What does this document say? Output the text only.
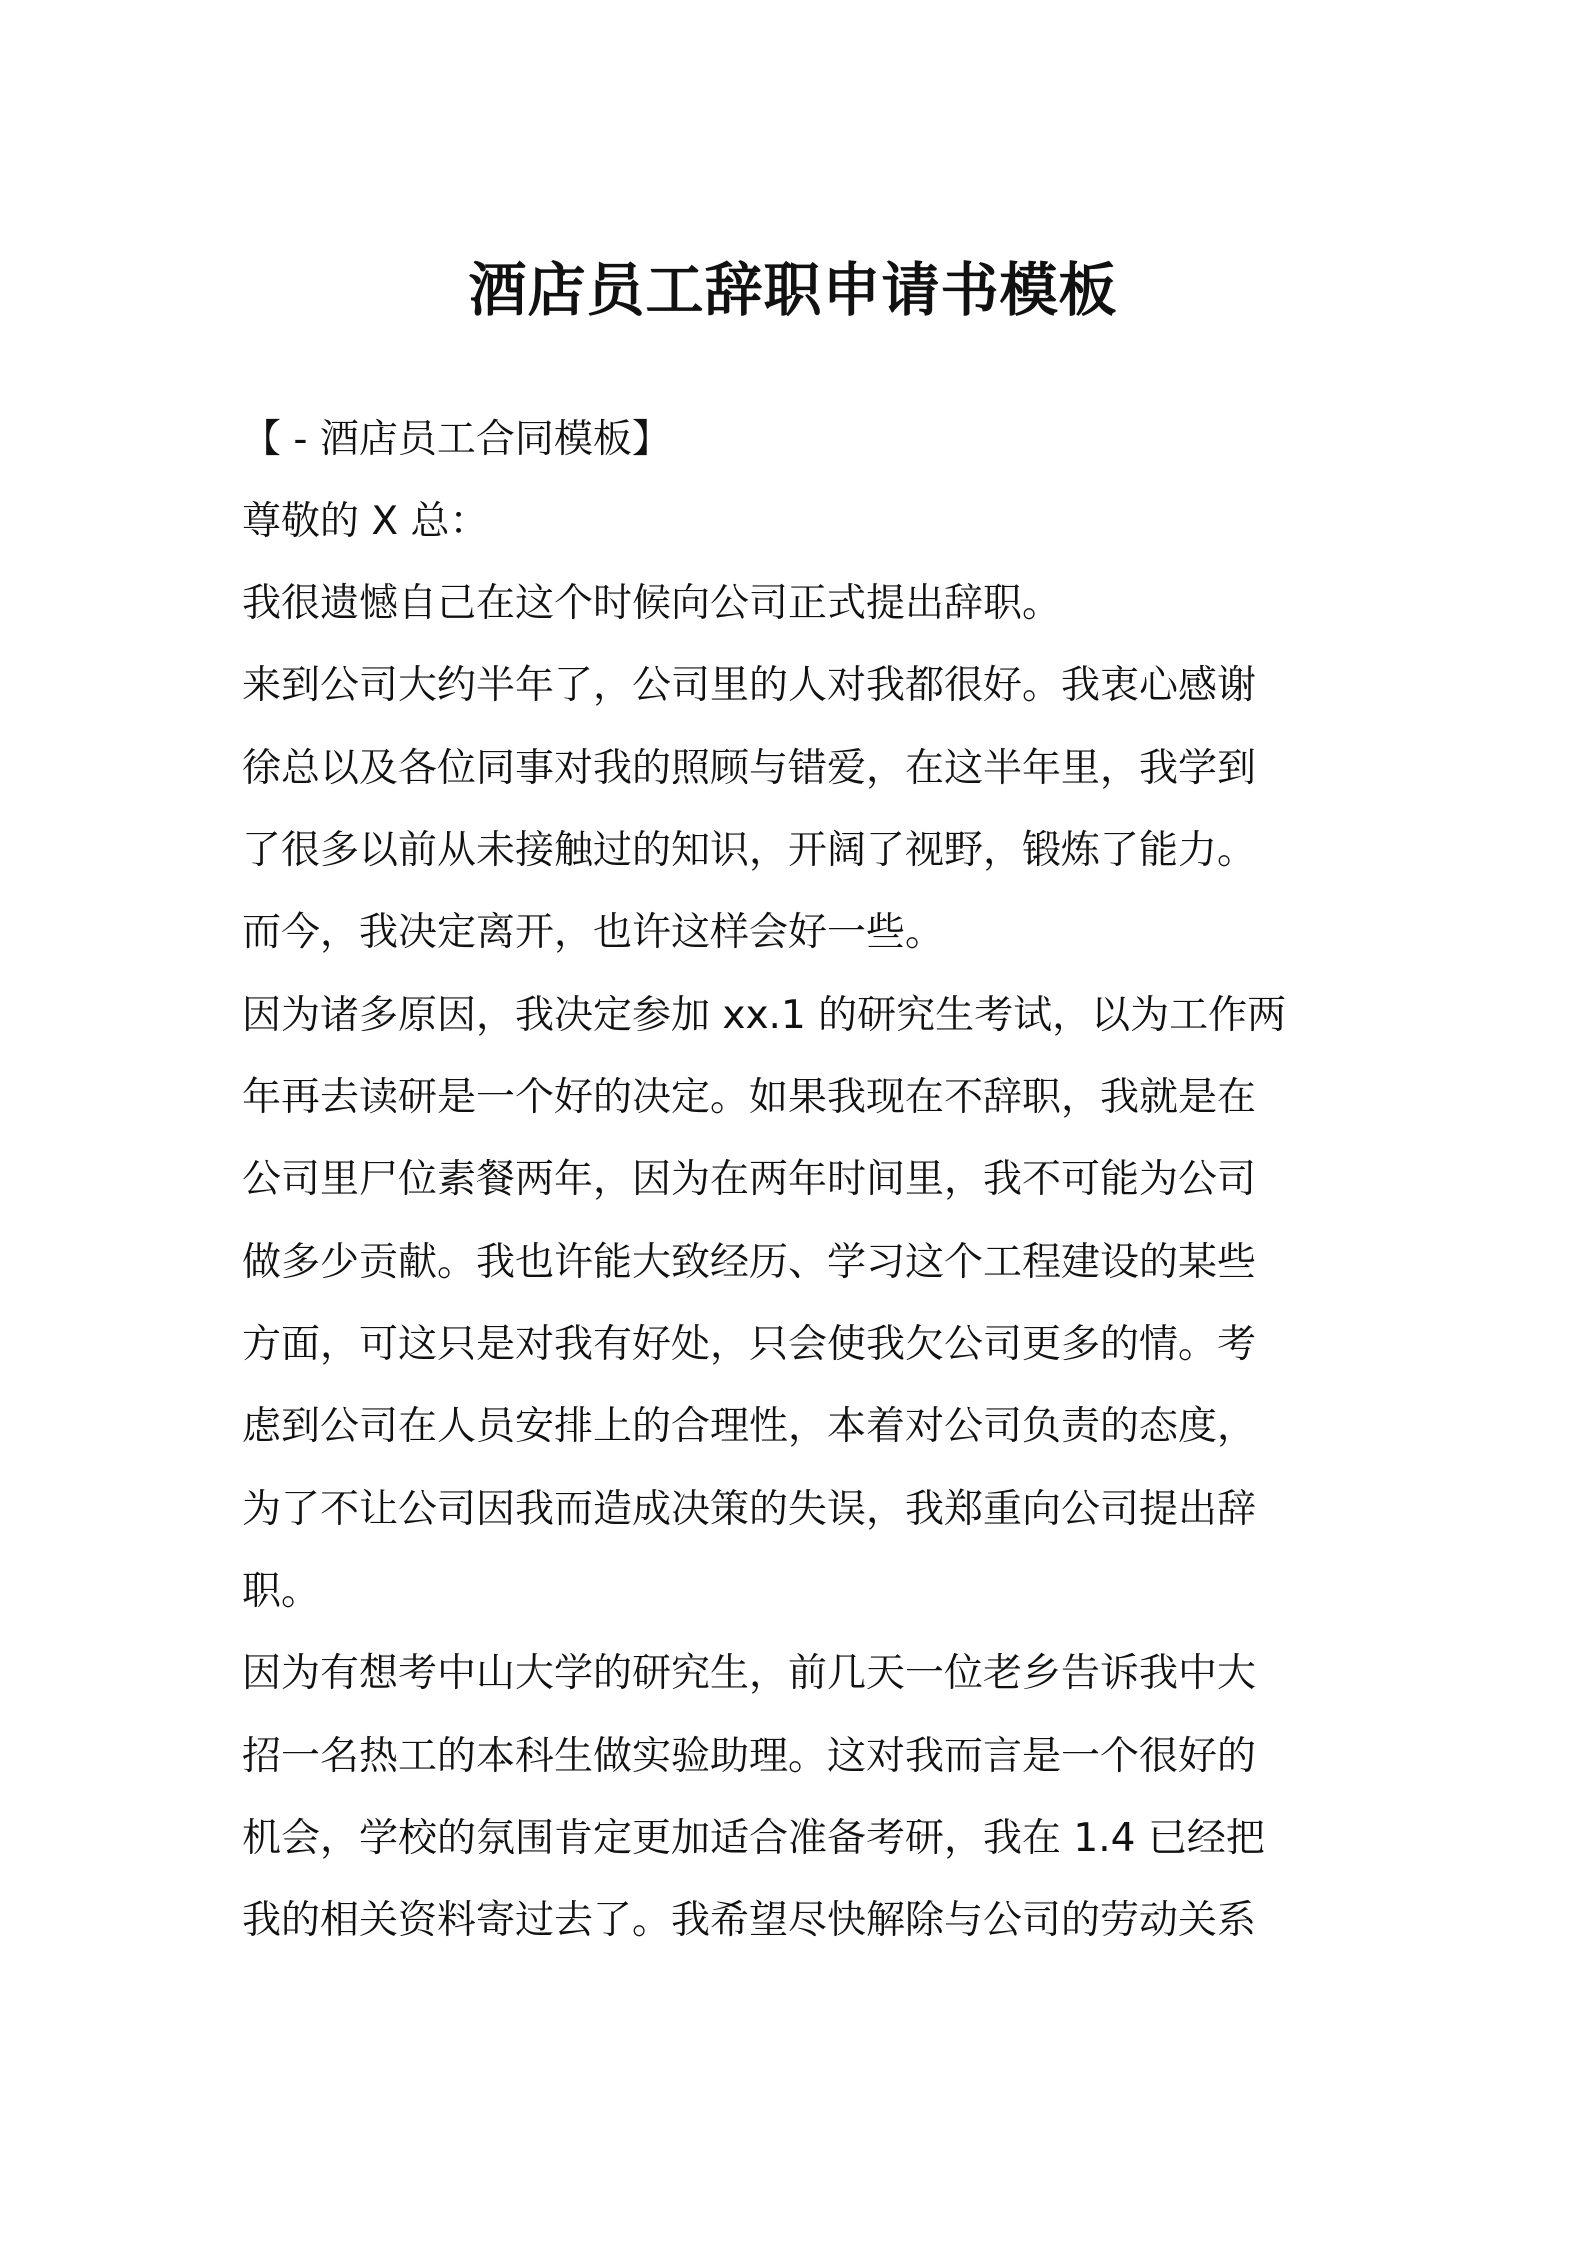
酒店员工辞职申请书模板
【 - 酒店员工合同模板】
尊敬的 X 总：
我很遗憾自己在这个时候向公司正式提出辞职。
来到公司大约半年了，公司里的人对我都很好。我衷心感谢
徐总以及各位同事对我的照顾与错爱，在这半年里，我学到
了很多以前从未接触过的知识，开阔了视野，锻炼了能力。
而今，我决定离开，也许这样会好一些。
因为诸多原因，我决定参加 xx.1 的研究生考试，以为工作两
年再去读研是一个好的决定。如果我现在不辞职，我就是在
公司里尸位素餐两年，因为在两年时间里，我不可能为公司
做多少贡献。我也许能大致经历、学习这个工程建设的某些
方面，可这只是对我有好处，只会使我欠公司更多的情。考
虑到公司在人员安排上的合理性，本着对公司负责的态度，
为了不让公司因我而造成决策的失误，我郑重向公司提出辞
职。
因为有想考中山大学的研究生，前几天一位老乡告诉我中大
招一名热工的本科生做实验助理。这对我而言是一个很好的
机会，学校的氛围肯定更加适合准备考研，我在 1.4 已经把
我的相关资料寄过去了。我希望尽快解除与公司的劳动关系
